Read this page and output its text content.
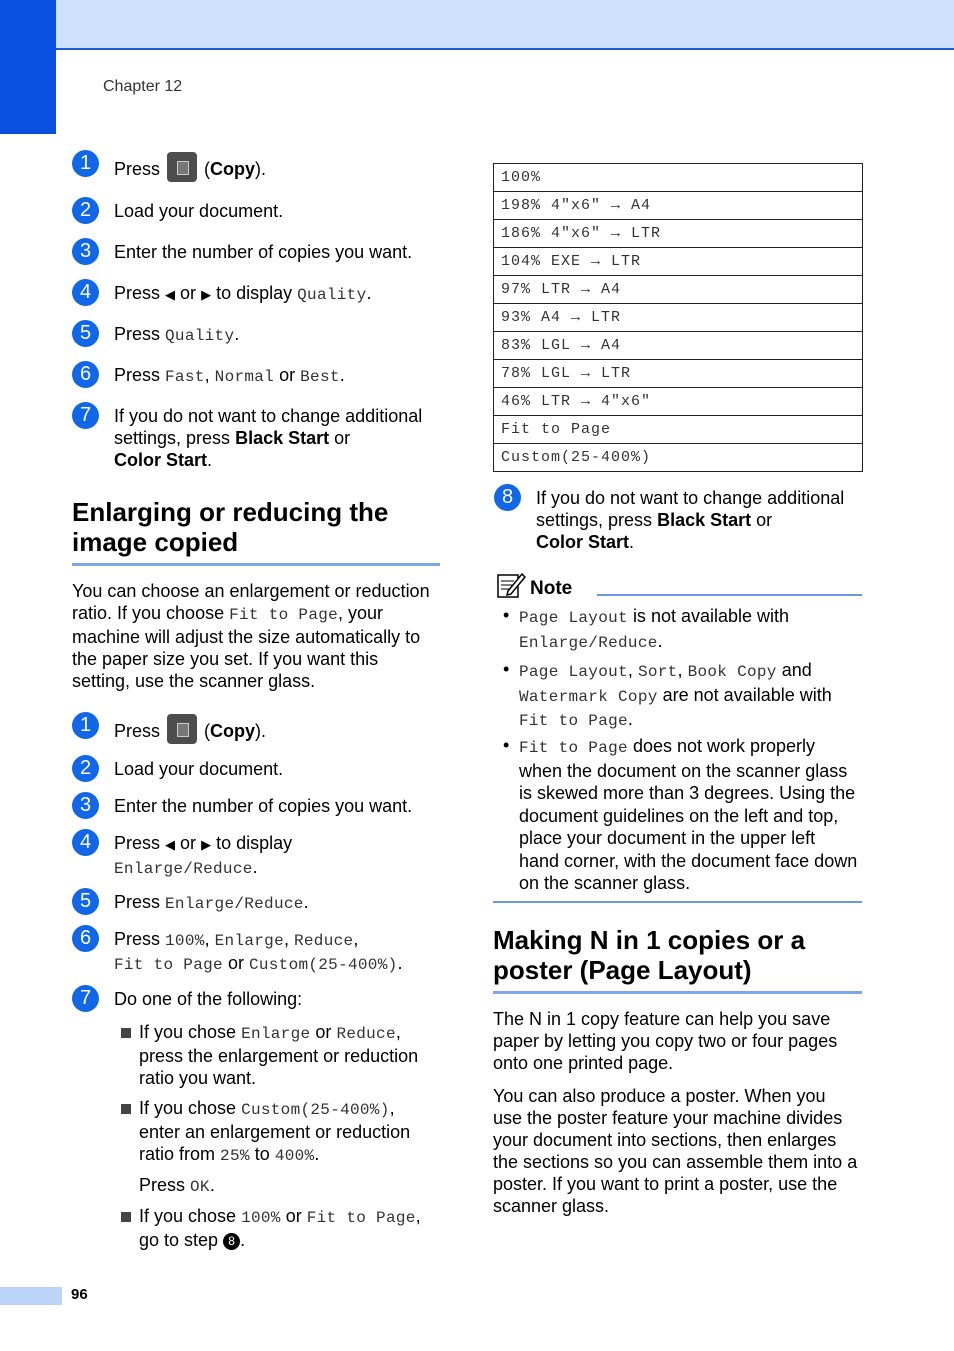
Chapter 12
1	Press (Copy).
2	Load your document.
3	Enter the number of copies you want.
4	Press ◀ or ▶ to display Quality.
5	Press Quality.
6	Press Fast, Normal or Best.
7	If you do not want to change additional
settings, press Black Start or
Color Start.
Enlarging or reducing the
image copied
You can choose an enlargement or reduction
ratio. If you choose Fit to Page, your
machine will adjust the size automatically to
the paper size you set. If you want this
setting, use the scanner glass.
1	Press  (Copy).
2	Load your document.
3	Enter the number of copies you want.
4	Press ◀ or ▶ to display
Enlarge/Reduce.
5	Press Enlarge/Reduce.
6	Press 100%, Enlarge, Reduce,
Fit to Page or Custom(25-400%).
7	Do one of the following:
If you chose Enlarge or Reduce,
press the enlargement or reduction
ratio you want.
If you chose Custom(25-400%),
enter an enlargement or reduction
ratio from 25% to 400%.
Press OK.
If you chose 100% or Fit to Page,
go to step 8 .
100%
198% 4"x6" → A4
186% 4"x6" → LTR
104% EXE → LTR
97% LTR → A4
93% A4 → LTR
83% LGL → A4
78% LGL → LTR
46% LTR → 4"x6"
Fit to Page
Custom(25-400%)
8	If you do not want to change additional
settings, press Black Start or
Color Start.
Note
• Page Layout is not available with
Enlarge/Reduce.
• Page Layout, Sort, Book Copy and
Watermark Copy are not available with
Fit to Page.
• Fit to Page does not work properly
when the document on the scanner glass
is skewed more than 3 degrees. Using the
document guidelines on the left and top,
place your document in the upper left
hand corner, with the document face down
on the scanner glass.
Making N in 1 copies or a
poster (Page Layout)
The N in 1 copy feature can help you save
paper by letting you copy two or four pages
onto one printed page.
You can also produce a poster. When you
use the poster feature your machine divides
your document into sections, then enlarges
the sections so you can assemble them into a
poster. If you want to print a poster, use the
scanner glass.
96
